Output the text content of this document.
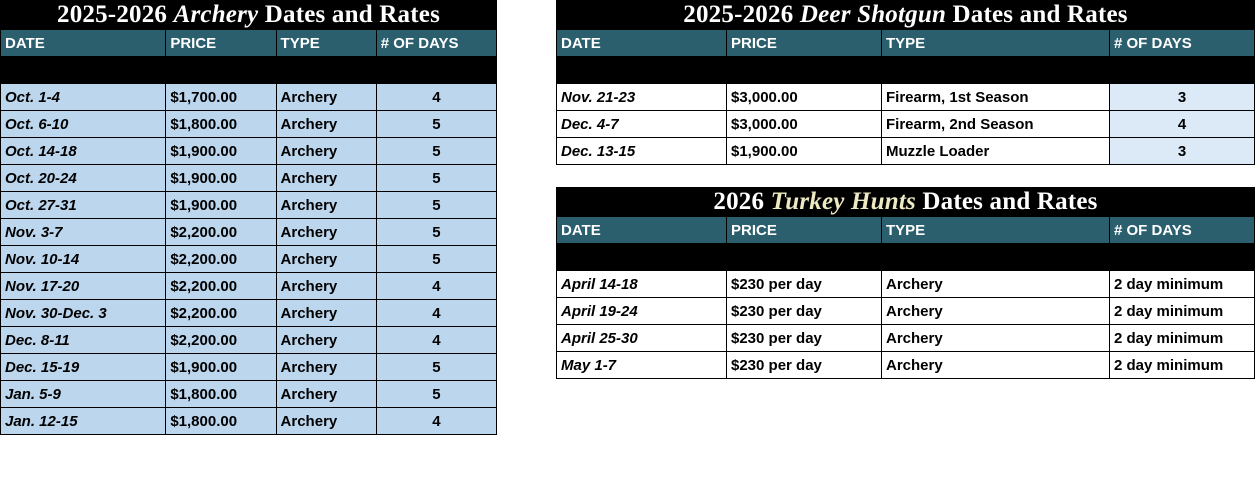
2025-2026 Archery Dates and Rates			
DATE	PRICE	TYPE	# OF DAYS

Oct. 1-4	$1,700.00	Archery	4
Oct. 6-10	$1,800.00	Archery	5
Oct. 14-18	$1,900.00	Archery	5
Oct. 20-24	$1,900.00	Archery	5
Oct. 27-31	$1,900.00	Archery	5
Nov. 3-7	$2,200.00	Archery	5
Nov. 10-14	$2,200.00	Archery	5
Nov. 17-20	$2,200.00	Archery	4
Nov. 30-Dec. 3	$2,200.00	Archery	4
Dec. 8-11	$2,200.00	Archery	4
Dec. 15-19	$1,900.00	Archery	5
Jan. 5-9	$1,800.00	Archery	5
Jan. 12-15	$1,800.00	Archery	4
2025-2026 Deer Shotgun Dates and Rates			
DATE	PRICE	TYPE	# OF DAYS

Nov. 21-23	$3,000.00	Firearm, 1st Season	3
Dec. 4-7	$3,000.00	Firearm, 2nd Season	4
Dec. 13-15	$1,900.00	Muzzle Loader	3
2026 Turkey Hunts Dates and Rates			
DATE	PRICE	TYPE	# OF DAYS

April 14-18	$230 per day	Archery	2 day minimum
April 19-24	$230 per day	Archery	2 day minimum
April 25-30	$230 per day	Archery	2 day minimum
May 1-7	$230 per day	Archery	2 day minimum
